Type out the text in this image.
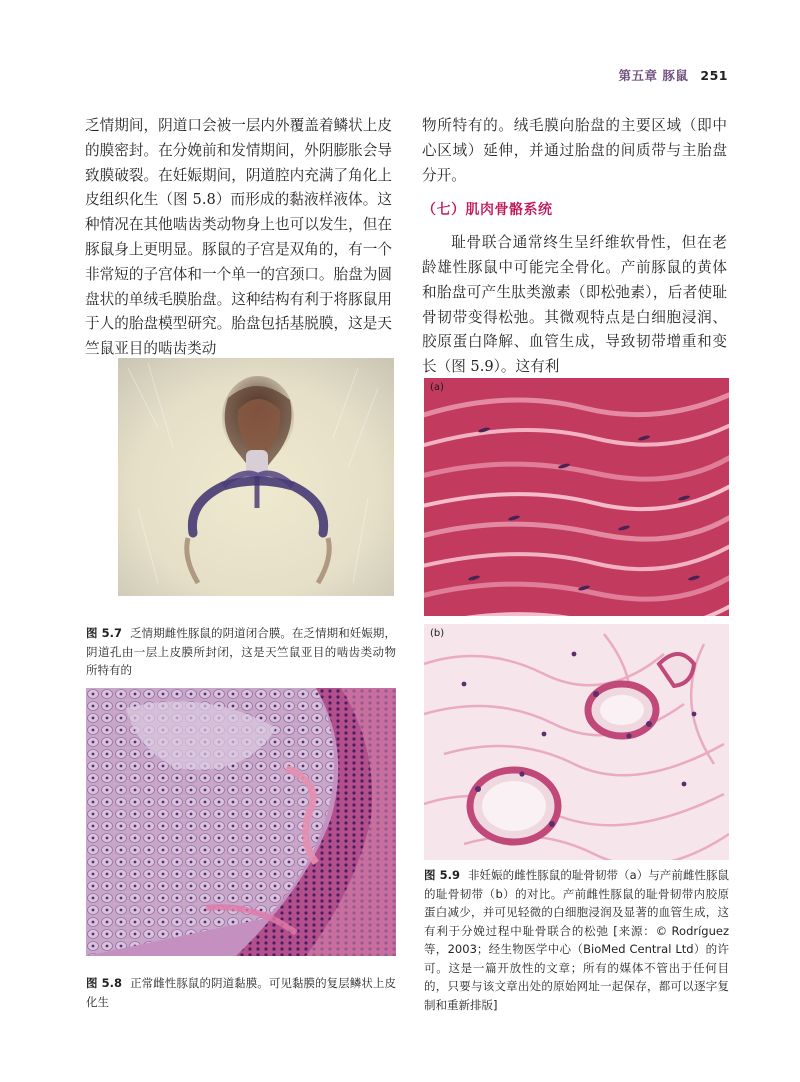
第五章 豚鼠 251

乏情期间，阴道口会被一层内外覆盖着鳞状上皮的膜密封。在分娩前和发情期间，外阴膨胀会导致膜破裂。在妊娠期间，阴道腔内充满了角化上皮组织化生（图 5.8）而形成的黏液样液体。这种情况在其他啮齿类动物身上也可以发生，但在豚鼠身上更明显。豚鼠的子宫是双角的，有一个非常短的子宫体和一个单一的宫颈口。胎盘为圆盘状的单绒毛膜胎盘。这种结构有利于将豚鼠用于人的胎盘模型研究。胎盘包括基脱膜，这是天竺鼠亚目的啮齿类动

物所特有的。绒毛膜向胎盘的主要区域（即中心区域）延伸，并通过胎盘的间质带与主胎盘分开。

（七）肌肉骨骼系统

耻骨联合通常终生呈纤维软骨性，但在老龄雄性豚鼠中可能完全骨化。产前豚鼠的黄体和胎盘可产生肽类激素（即松弛素），后者使耻骨韧带变得松弛。其微观特点是白细胞浸润、胶原蛋白降解、血管生成，导致韧带增重和变长（图 5.9）。这有利

图 5.7 乏情期雌性豚鼠的阴道闭合膜。在乏情期和妊娠期，阴道孔由一层上皮膜所封闭，这是天竺鼠亚目的啮齿类动物所特有的
图 5.8 正常雌性豚鼠的阴道黏膜。可见黏膜的复层鳞状上皮化生
(a)
(b)
图 5.9 非妊娠的雌性豚鼠的耻骨韧带（a）与产前雌性豚鼠的耻骨韧带（b）的对比。产前雌性豚鼠的耻骨韧带内胶原蛋白减少，并可见轻微的白细胞浸润及显著的血管生成，这有利于分娩过程中耻骨联合的松弛 [来源：© Rodríguez 等，2003；经生物医学中心（BioMed Central Ltd）的许可。这是一篇开放性的文章；所有的媒体不管出于任何目的，只要与该文章出处的原始网址一起保存，都可以逐字复制和重新排版]
